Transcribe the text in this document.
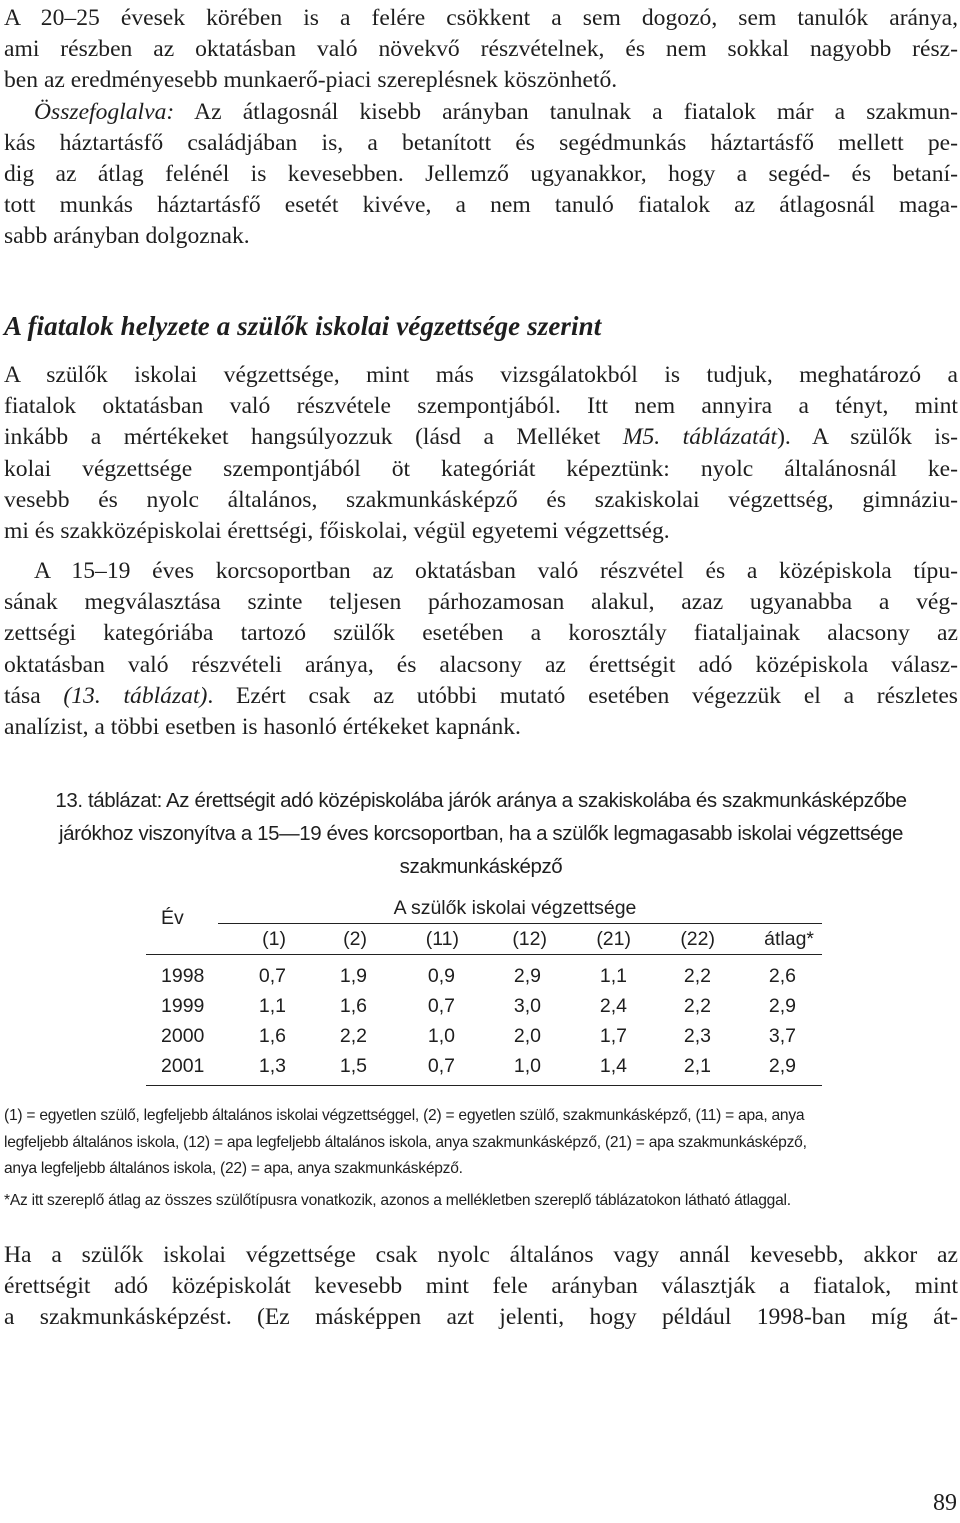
A 20–25 évesek körében is a felére csökkent a sem dogozó, sem tanulók aránya,

ami részben az oktatásban való növekvő részvételnek, és nem sokkal nagyobb rész-

ben az eredményesebb munkaerő-piaci szereplésnek köszönhető.

Összefoglalva: Az átlagosnál kisebb arányban tanulnak a fiatalok már a szakmun-

kás háztartásfő családjában is, a betanított és segédmunkás háztartásfő mellett pe-

dig az átlag felénél is kevesebben. Jellemző ugyanakkor, hogy a segéd- és betaní-

tott munkás háztartásfő esetét kivéve, a nem tanuló fiatalok az átlagosnál maga-

sabb arányban dolgoznak.

A fiatalok helyzete a szülők iskolai végzettsége szerint

A szülők iskolai végzettsége, mint más vizsgálatokból is tudjuk, meghatározó a

fiatalok oktatásban való részvétele szempontjából. Itt nem annyira a tényt, mint

inkább a mértékeket hangsúlyozzuk (lásd a Melléket M5. táblázatát). A szülők is-

kolai végzettsége szempontjából öt kategóriát képeztünk: nyolc általánosnál ke-

vesebb és nyolc általános, szakmunkásképző és szakiskolai végzettség, gimnáziu-

mi és szakközépiskolai érettségi, főiskolai, végül egyetemi végzettség.

A 15–19 éves korcsoportban az oktatásban való részvétel és a középiskola típu-

sának megválasztása szinte teljesen párhozamosan alakul, azaz ugyanabba a vég-

zettségi kategóriába tartozó szülők esetében a korosztály fiataljainak alacsony az

oktatásban való részvételi aránya, és alacsony az érettségit adó középiskola válasz-

tása (13. táblázat). Ezért csak az utóbbi mutató esetében végezzük el a részletes

analízist, a többi esetben is hasonló értékeket kapnánk.

13. táblázat: Az érettségit adó középiskolába járók aránya a szakiskolába és szakmunkásképzőbe

járókhoz viszonyítva a 15—19 éves korcsoportban, ha a szülők legmagasabb iskolai végzettsége

szakmunkásképző

Év	A szülők iskolai végzettsége						
	(1)	(2)	(11)	(12)	(21)	(22)	átlag*
1998	0,7	1,9	0,9	2,9	1,1	2,2	2,6
1999	1,1	1,6	0,7	3,0	2,4	2,2	2,9
2000	1,6	2,2	1,0	2,0	1,7	2,3	3,7
2001	1,3	1,5	0,7	1,0	1,4	2,1	2,9

(1) = egyetlen szülő, legfeljebb általános iskolai végzettséggel, (2) = egyetlen szülő, szakmunkásképző, (11) = apa, anya

legfeljebb általános iskola, (12) = apa legfeljebb általános iskola, anya szakmunkásképző, (21) = apa szakmunkásképző,

anya legfeljebb általános iskola, (22) = apa, anya szakmunkásképző.

*Az itt szereplő átlag az összes szülőtípusra vonatkozik, azonos a mellékletben szereplő táblázatokon látható átlaggal.

Ha a szülők iskolai végzettsége csak nyolc általános vagy annál kevesebb, akkor az

érettségit adó középiskolát kevesebb mint fele arányban választják a fiatalok, mint

a szakmunkásképzést. (Ez másképpen azt jelenti, hogy például 1998-ban míg át-

89
